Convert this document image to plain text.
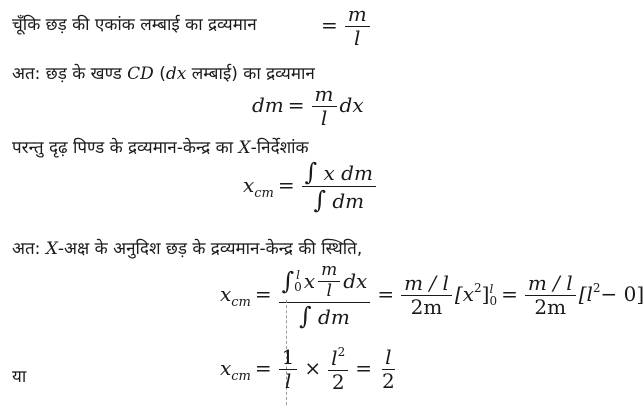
चूँकि छड़ की एकांक लम्बाई का द्रव्यमान	= $\frac{m}{l}$
अत: छड़ के खण्ड CD (dx लम्बाई) का द्रव्यमान
dm = $\frac{m}{l}$ dx
परन्तु दृढ़ पिण्ड के द्रव्यमान-केन्द्र का X-निर्देशांक
$x_{cm} = \frac{\text{∫ x dm}}{\int dm}$
अत: X-अक्ष के अनुदिश छड़ के द्रव्यमान-केन्द्र की स्थिति,
$x_{cm}$ = ∫ l
0 x $\frac{m}{l}$ dx
∫ dm = $\frac{m / l}{2m} [x^2]$ l
$0 = \frac{m / l}{2m} [l^2- 0]$
या	$x_{cm} = \frac{1}{l} \times \frac{l^2}{2} = \frac{l}{2}$
